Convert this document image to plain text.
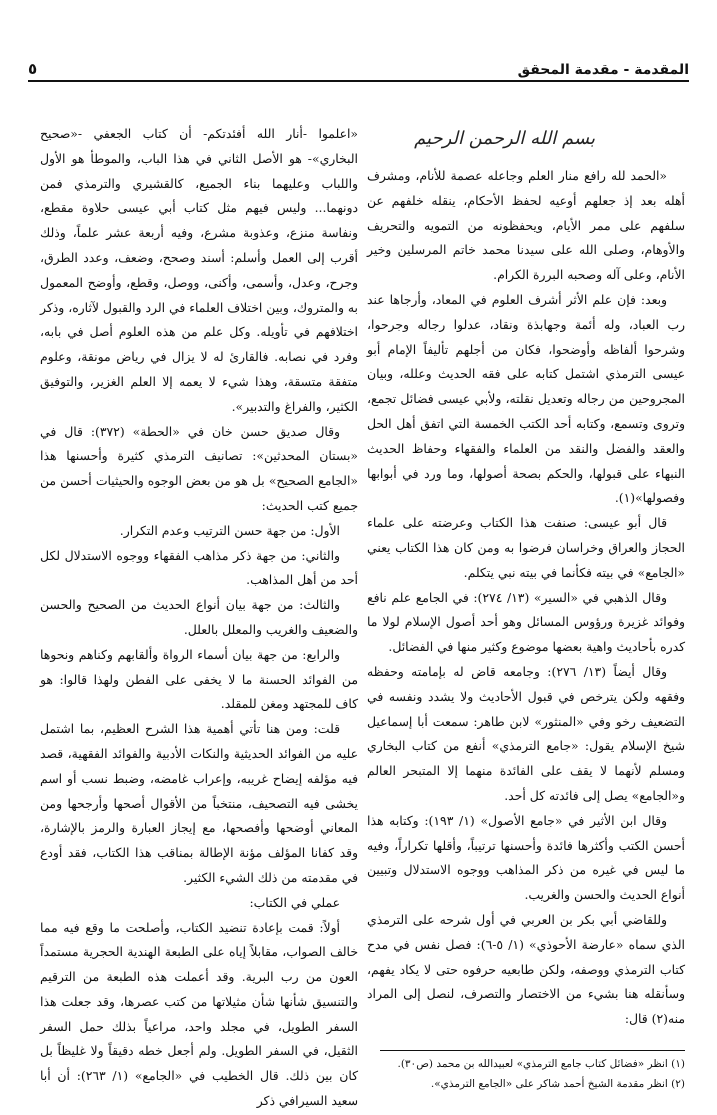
المقدمة - مقدمة المحقق
٥
بسم الله الرحمن الرحيم

«الحمد لله رافع منار العلم وجاعله عصمة للأنام، ومشرف أهله بعد إذ جعلهم أوعيه لحفظ الأحكام، ينقله خلفهم عن سلفهم على ممر الأيام، ويحفظونه من التمويه والتحريف والأوهام، وصلى الله على سيدنا محمد خاتم المرسلين وخير الأنام، وعلى آله وصحبه البررة الكرام.

وبعد: فإن علم الأثر أشرف العلوم في المعاد، وأرجاها عند رب العباد، وله أئمة وجهابذة ونقاد، عدلوا رجاله وجرحوا، وشرحوا ألفاظه وأوضحوا، فكان من أجلهم تأليفاً الإمام أبو عيسى الترمذي اشتمل كتابه على فقه الحديث وعلله، وبيان المجروحين من رجاله وتعديل نقلته، ولأبي عيسى فضائل تجمع، وتروى وتسمع، وكتابه أحد الكتب الخمسة التي اتفق أهل الحل والعقد والفضل والنقد من العلماء والفقهاء وحفاظ الحديث النبهاء على قبولها، والحكم بصحة أصولها، وما ورد في أبوابها وفصولها»(١).

قال أبو عيسى: صنفت هذا الكتاب وعرضته على علماء الحجاز والعراق وخراسان فرضوا به ومن كان هذا الكتاب يعني «الجامع» في بيته فكأنما في بيته نبي يتكلم.

وقال الذهبي في «السير» (١٣/ ٢٧٤): في الجامع علم نافع وفوائد غزيرة ورؤوس المسائل وهو أحد أصول الإسلام لولا ما كدره بأحاديث واهية بعضها موضوع وكثير منها في الفضائل.

وقال أيضاً (١٣/ ٢٧٦): وجامعه قاض له بإمامته وحفظه وفقهه ولكن يترخص في قبول الأحاديث ولا يشدد ونفسه في التضعيف رخو وفي «المنثور» لابن طاهر: سمعت أبا إسماعيل شيخ الإسلام يقول: «جامع الترمذي» أنفع من كتاب البخاري ومسلم لأنهما لا يقف على الفائدة منهما إلا المتبحر العالم و«الجامع» يصل إلى فائدته كل أحد.

وقال ابن الأثير في «جامع الأصول» (١/ ١٩٣): وكتابه هذا أحسن الكتب وأكثرها فائدة وأحسنها ترتيباً، وأقلها تكراراً، وفيه ما ليس في غيره من ذكر المذاهب ووجوه الاستدلال وتبيين أنواع الحديث والحسن والغريب.

وللقاضي أبي بكر بن العربي في أول شرحه على الترمذي الذي سماه «عارضة الأحوذي» (١/ ٥-٦): فصل نفس في مدح كتاب الترمذي ووصفه، ولكن طابعيه حرفوه حتى لا يكاد يفهم، وسأنقله هنا بشيء من الاختصار والتصرف، لنصل إلى المراد منه(٢) قال:

«اعلموا -أنار الله أفئدتكم- أن كتاب الجعفي -«صحيح البخاري»- هو الأصل الثاني في هذا الباب، والموطأ هو الأول واللباب وعليهما بناء الجميع، كالقشيري والترمذي فمن دونهما... وليس فيهم مثل كتاب أبي عيسى حلاوة مقطع، ونفاسة منزع، وعذوبة مشرع، وفيه أربعة عشر علماً، وذلك أقرب إلى العمل وأسلم: أسند وصحح، وضعف، وعدد الطرق، وجرح، وعدل، وأسمى، وأكنى، ووصل، وقطع، وأوضح المعمول به والمتروك، وبين اختلاف العلماء في الرد والقبول لآثاره، وذكر اختلافهم في تأويله. وكل علم من هذه العلوم أصل في بابه، وفرد في نصابه. فالقارئ له لا يزال في رياض مونقة، وعلوم متفقة متسقة، وهذا شيء لا يعمه إلا العلم الغزير، والتوفيق الكثير، والفراغ والتدبير».

وقال صديق حسن خان في «الحطة» (٣٧٢): قال في «بستان المحدثين»: تصانيف الترمذي كثيرة وأحسنها هذا «الجامع الصحيح» بل هو من بعض الوجوه والحيثيات أحسن من جميع كتب الحديث:

الأول: من جهة حسن الترتيب وعدم التكرار.

والثاني: من جهة ذكر مذاهب الفقهاء ووجوه الاستدلال لكل أحد من أهل المذاهب.

والثالث: من جهة بيان أنواع الحديث من الصحيح والحسن والضعيف والغريب والمعلل بالعلل.

والرابع: من جهة بيان أسماء الرواة وألقابهم وكناهم ونحوها من الفوائد الحسنة ما لا يخفى على الفطن ولهذا قالوا: هو كاف للمجتهد ومغن للمقلد.

قلت: ومن هنا تأتي أهمية هذا الشرح العظيم، بما اشتمل عليه من الفوائد الحديثية والنكات الأدبية والفوائد الفقهية، قصد فيه مؤلفه إيضاح غريبه، وإعراب غامضه، وضبط نسب أو اسم يخشى فيه التصحيف، منتخباً من الأقوال أصحها وأرجحها ومن المعاني أوضحها وأفصحها، مع إيجاز العبارة والرمز بالإشارة، وقد كفانا المؤلف مؤنة الإطالة بمناقب هذا الكتاب، فقد أودع في مقدمته من ذلك الشيء الكثير.

عملي في الكتاب:

أولاً: قمت بإعادة تنضيد الكتاب، وأصلحت ما وقع فيه مما خالف الصواب، مقابلاً إياه على الطبعة الهندية الحجرية مستمداً العون من رب البرية. وقد أعملت هذه الطبعة من الترقيم والتنسيق شأنها شأن مثيلاتها من كتب عصرها، وقد جعلت هذا السفر الطويل، في مجلد واحد، مراعياً بذلك حمل السفر الثقيل، في السفر الطويل. ولم أجعل خطه دقيقاً ولا غليظاً بل كان بين ذلك. قال الخطيب في «الجامع» (١/ ٢٦٣): أن أبا سعيد السيرافي ذكر

(١) انظر «فضائل كتاب جامع الترمذي» لعبيدالله بن محمد (ص٣٠).
(٢) انظر مقدمة الشيخ أحمد شاكر على «الجامع الترمذي».
